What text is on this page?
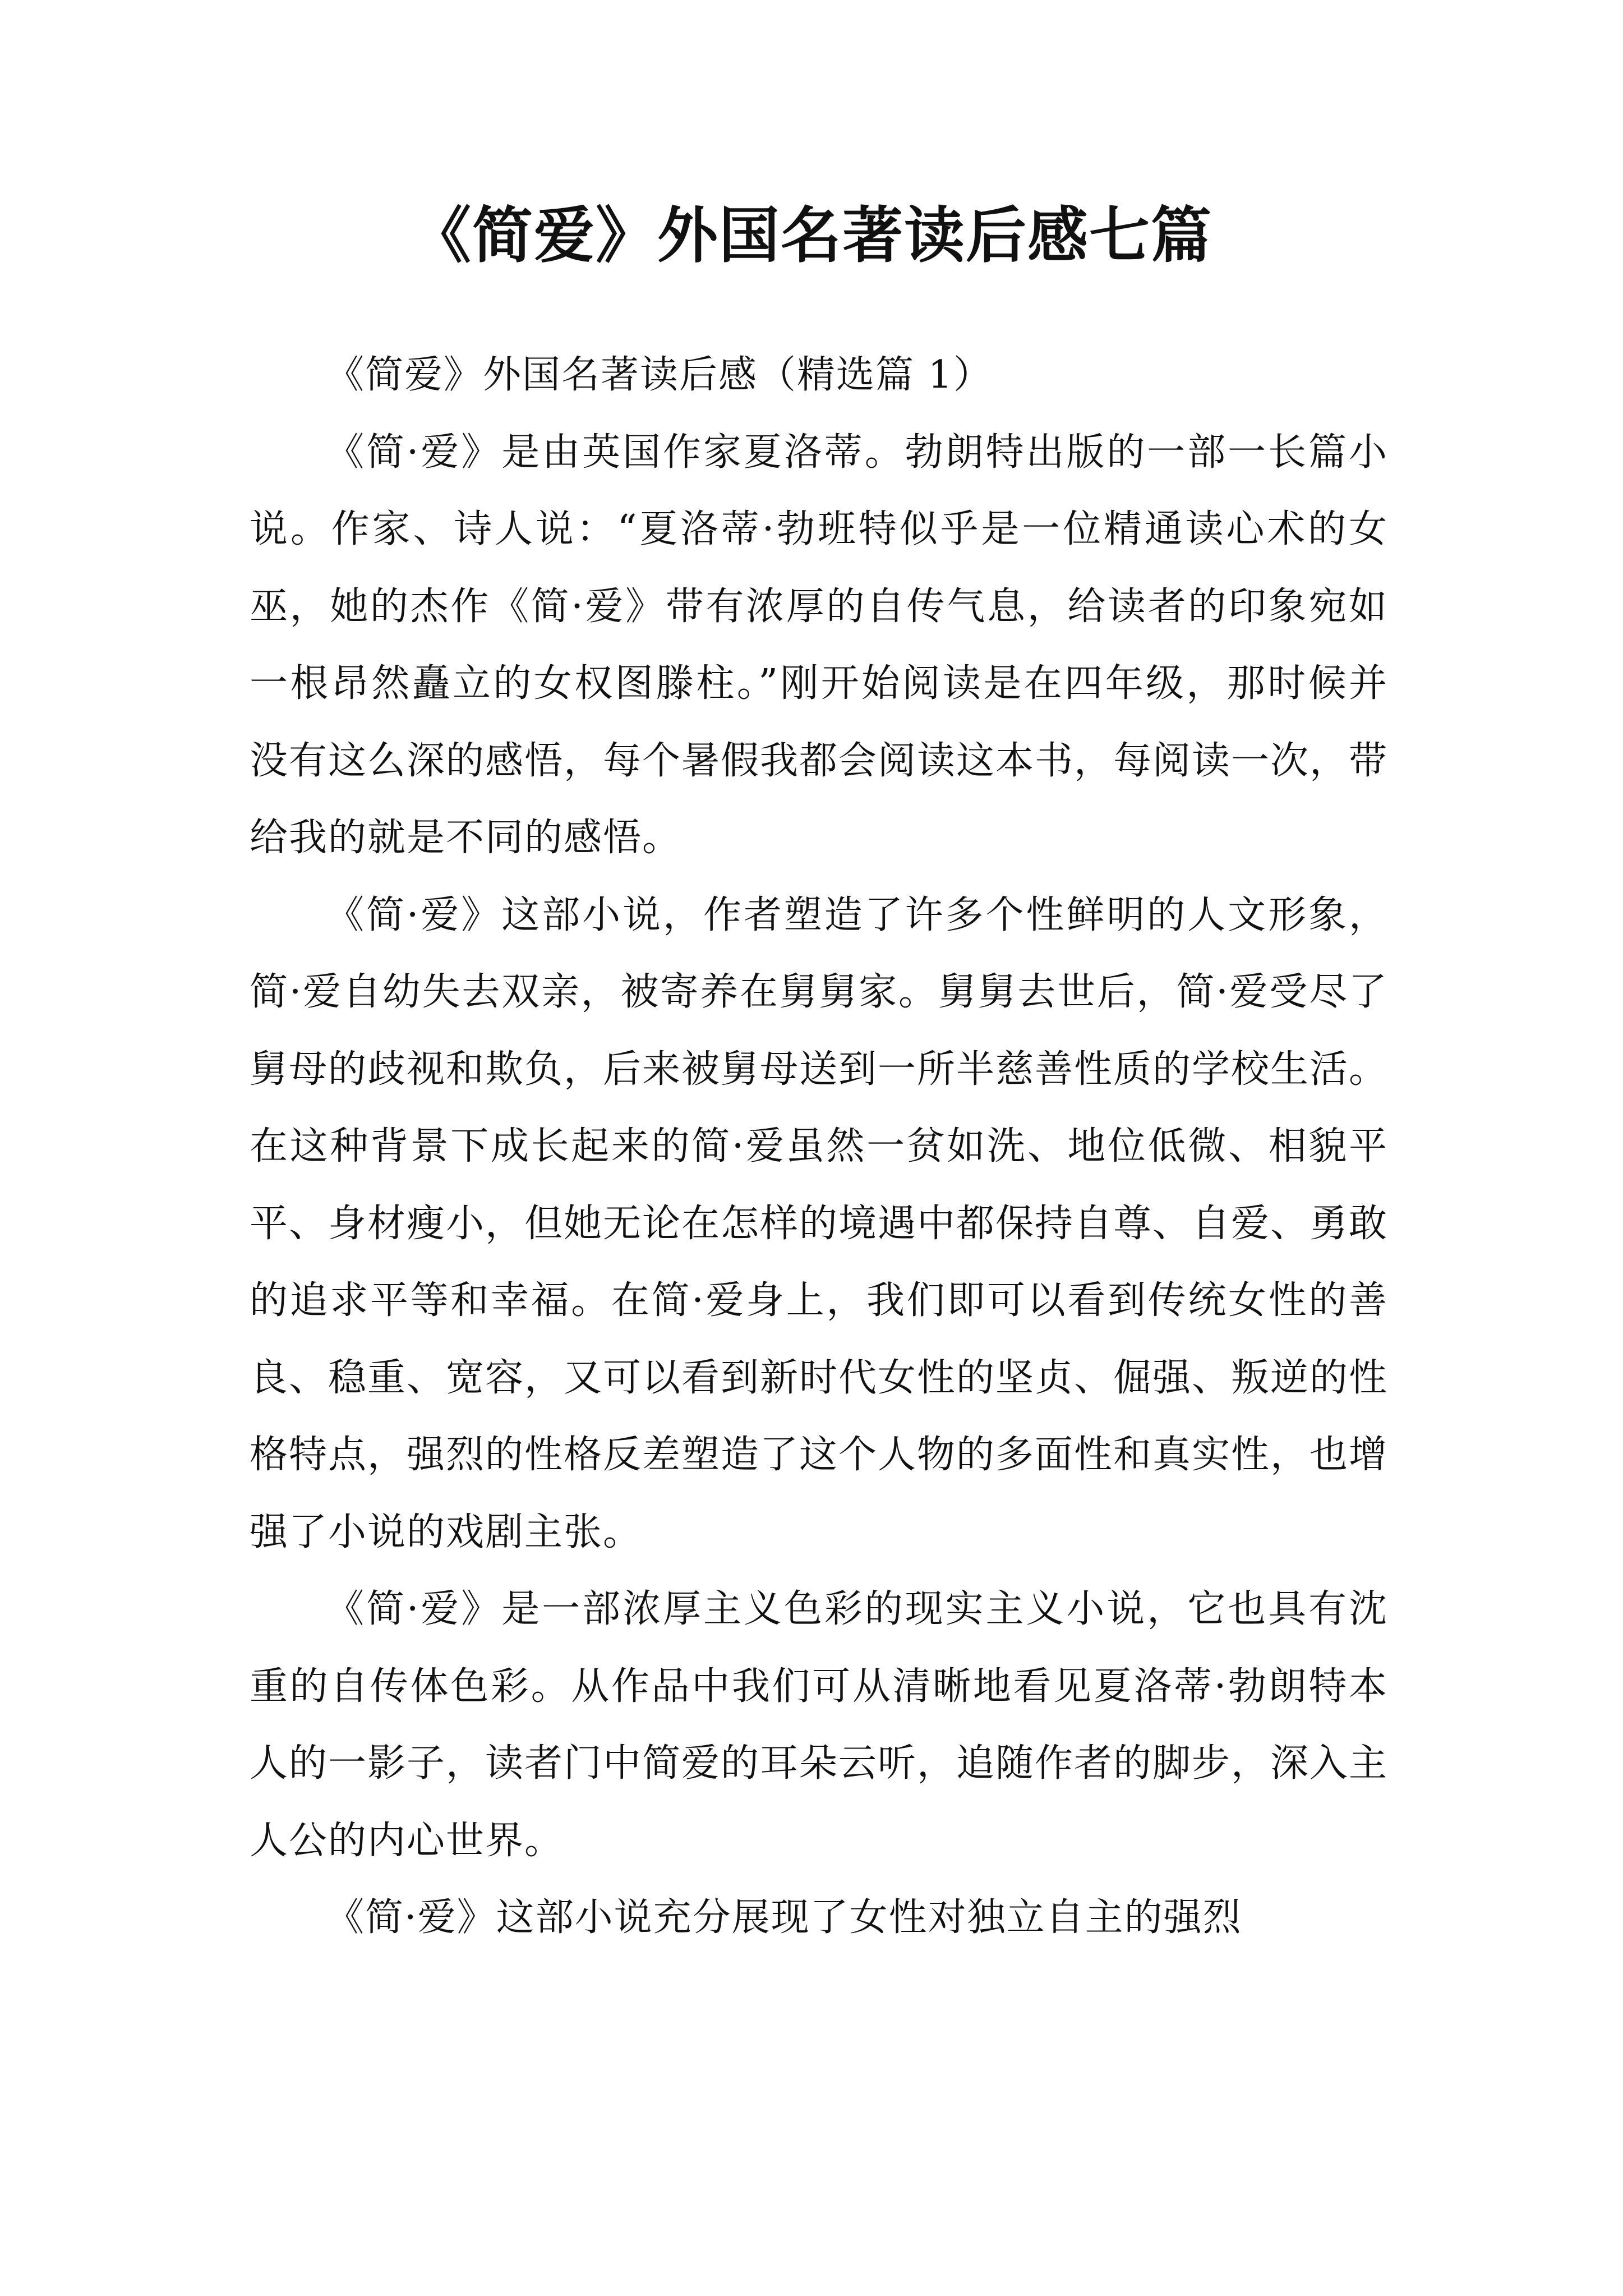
《简爱》外国名著读后感七篇

《简爱》外国名著读后感（精选篇 1）

《简·爱》是由英国作家夏洛蒂。勃朗特出版的一部一长篇小说。作家、诗人说：“夏洛蒂·勃班特似乎是一位精通读心术的女巫，她的杰作《简·爱》带有浓厚的自传气息，给读者的印象宛如一根昂然矗立的女权图滕柱。”刚开始阅读是在四年级，那时候并没有这么深的感悟，每个暑假我都会阅读这本书，每阅读一次，带给我的就是不同的感悟。

《简·爱》这部小说，作者塑造了许多个性鲜明的人文形象，简·爱自幼失去双亲，被寄养在舅舅家。舅舅去世后，简·爱受尽了舅母的歧视和欺负，后来被舅母送到一所半慈善性质的学校生活。在这种背景下成长起来的简·爱虽然一贫如洗、地位低微、相貌平平、身材瘦小，但她无论在怎样的境遇中都保持自尊、自爱、勇敢的追求平等和幸福。在简·爱身上，我们即可以看到传统女性的善良、稳重、宽容，又可以看到新时代女性的坚贞、倔强、叛逆的性格特点，强烈的性格反差塑造了这个人物的多面性和真实性，也增强了小说的戏剧主张。

《简·爱》是一部浓厚主义色彩的现实主义小说，它也具有沈重的自传体色彩。从作品中我们可从清晰地看见夏洛蒂·勃朗特本人的一影子，读者门中简爱的耳朵云听，追随作者的脚步，深入主人公的内心世界。

《简·爱》这部小说充分展现了女性对独立自主的强烈
